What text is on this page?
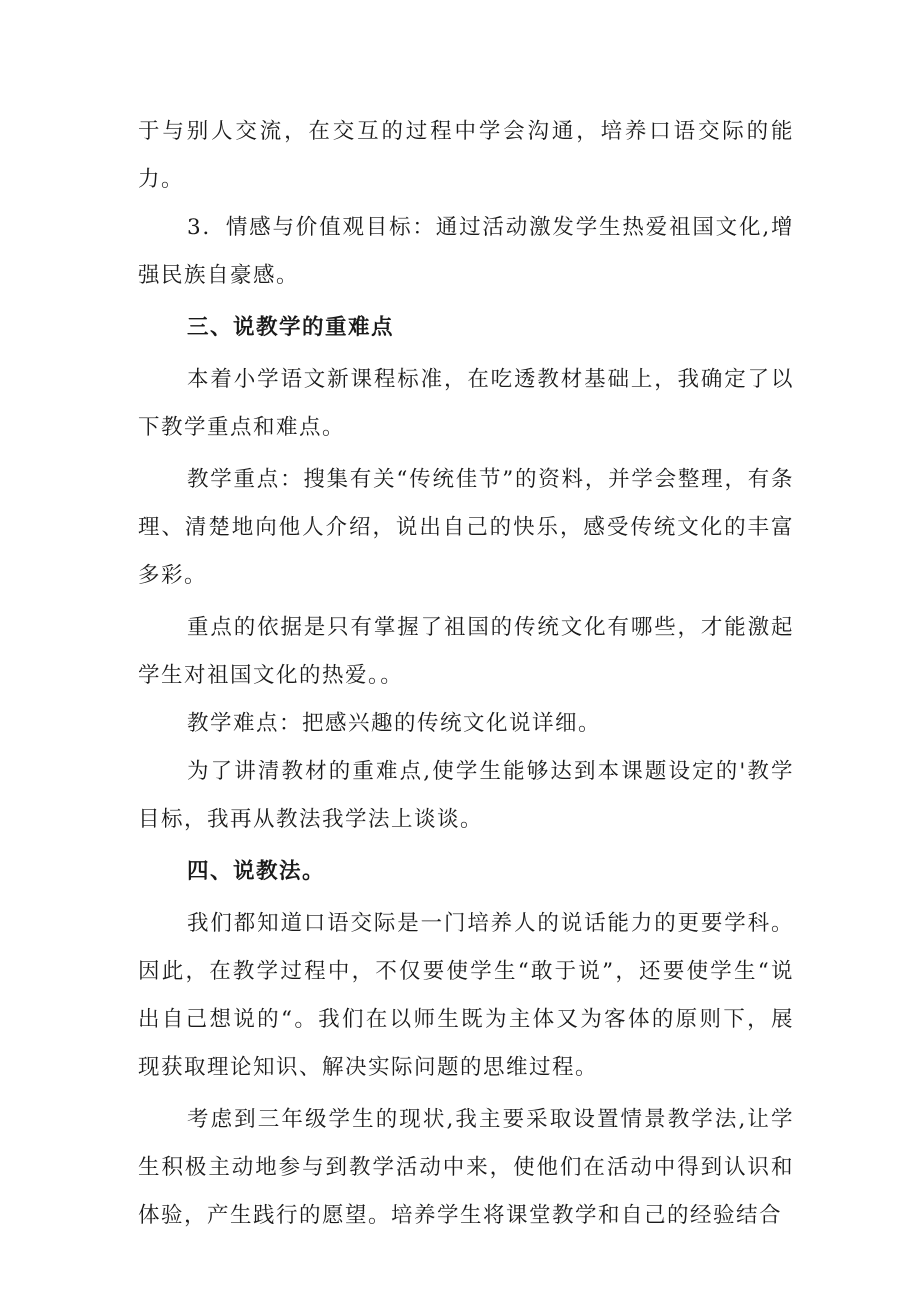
于与别人交流，在交互的过程中学会沟通，培养口语交际的能力。

3．情感与价值观目标：通过活动激发学生热爱祖国文化,增强民族自豪感。

三、说教学的重难点

本着小学语文新课程标准，在吃透教材基础上，我确定了以下教学重点和难点。

教学重点：搜集有关“传统佳节”的资料，并学会整理，有条理、清楚地向他人介绍，说出自己的快乐，感受传统文化的丰富多彩。

重点的依据是只有掌握了祖国的传统文化有哪些，才能激起学生对祖国文化的热爱。。

教学难点：把感兴趣的传统文化说详细。

为了讲清教材的重难点,使学生能够达到本课题设定的'教学目标，我再从教法我学法上谈谈。

四、说教法。

我们都知道口语交际是一门培养人的说话能力的更要学科。因此，在教学过程中，不仅要使学生“敢于说”，还要使学生“说出自己想说的“。我们在以师生既为主体又为客体的原则下，展现获取理论知识、解决实际问题的思维过程。

考虑到三年级学生的现状,我主要采取设置情景教学法,让学生积极主动地参与到教学活动中来，使他们在活动中得到认识和体验，产生践行的愿望。培养学生将课堂教学和自己的经验结合
